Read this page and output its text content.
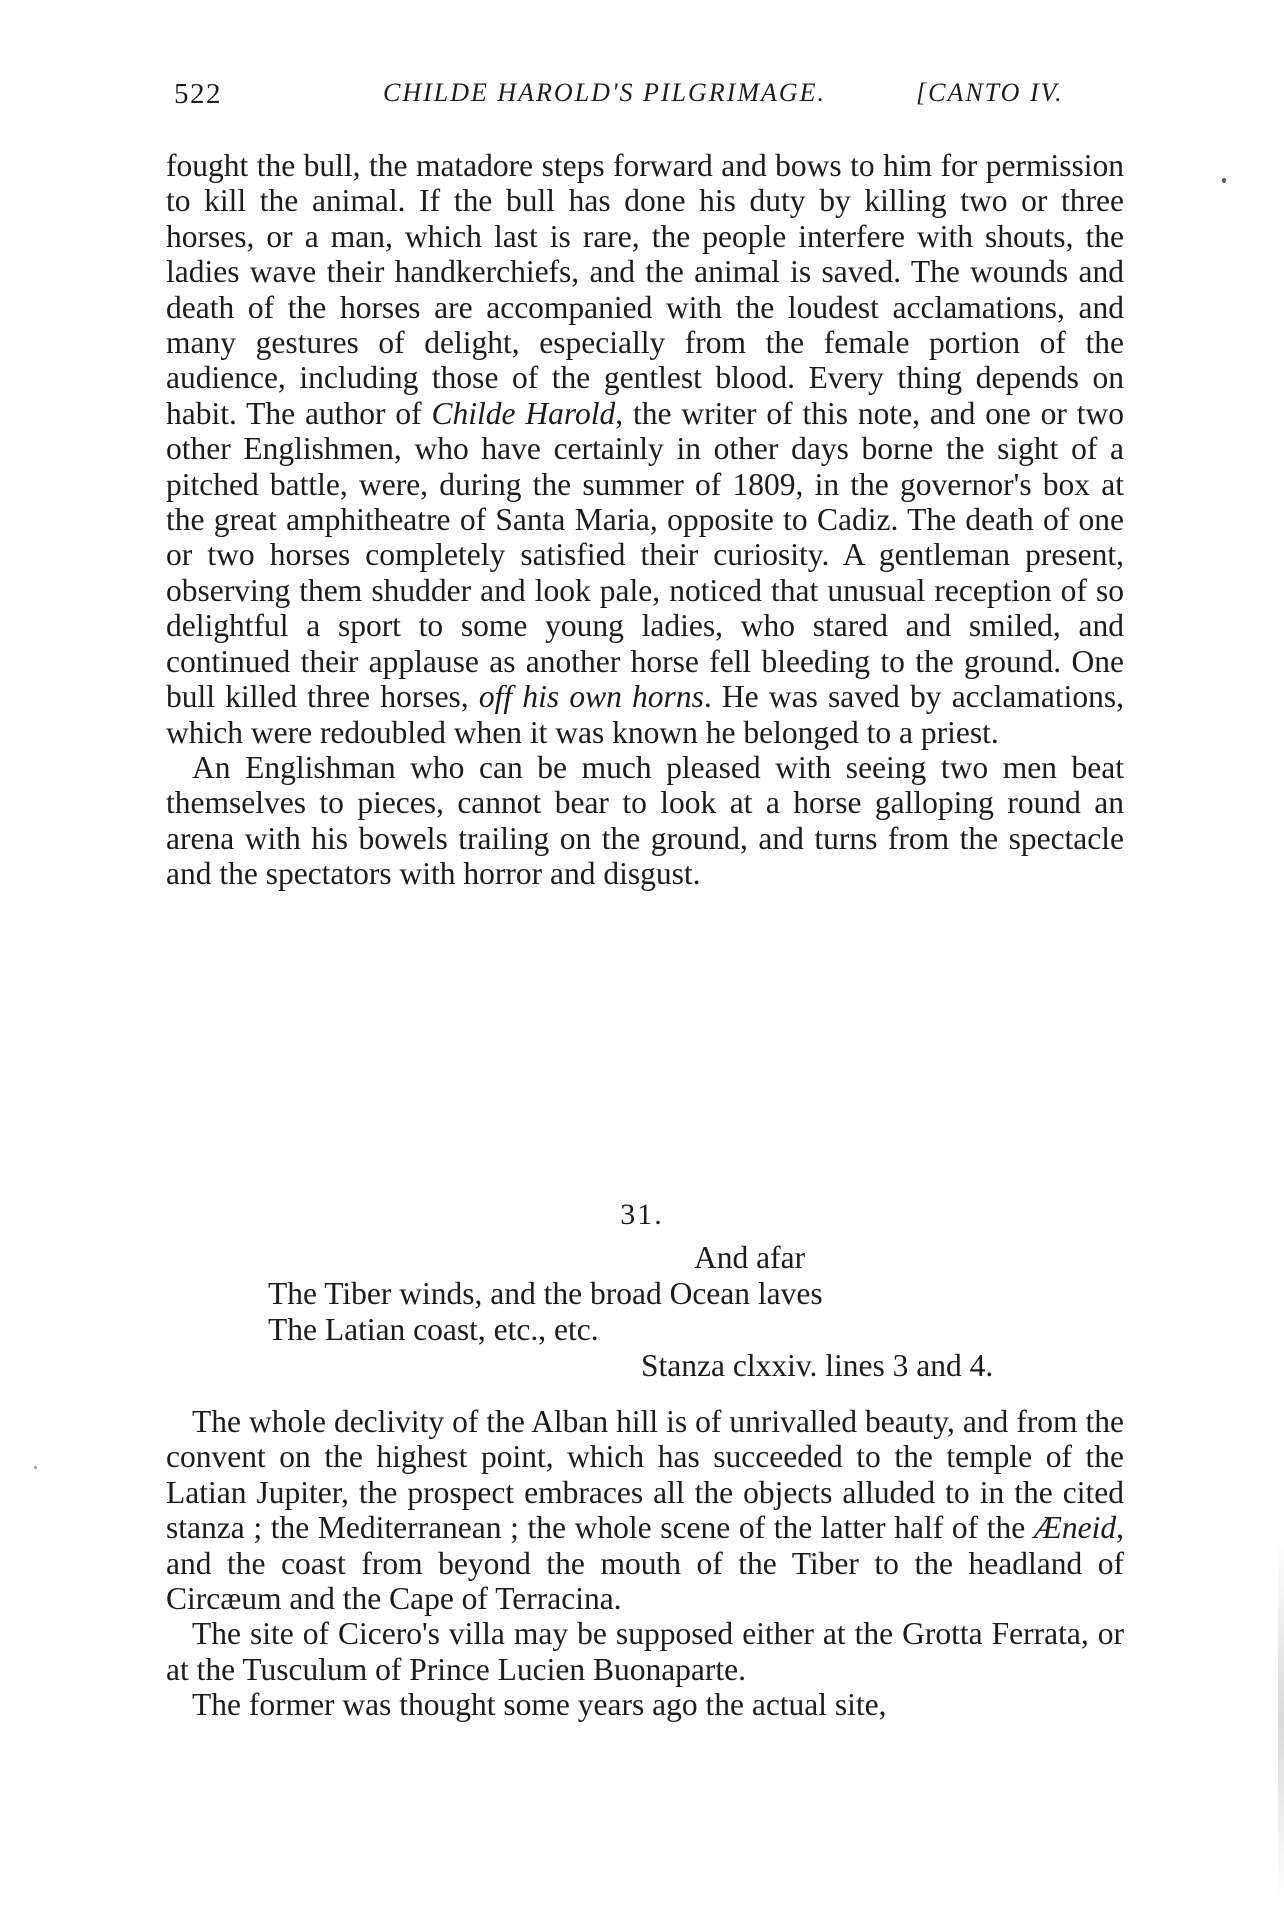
522	CHILDE HAROLD'S PILGRIMAGE.	[CANTO IV.

fought the bull, the matadore steps forward and bows to him for permission to kill the animal. If the bull has done his duty by killing two or three horses, or a man, which last is rare, the people interfere with shouts, the ladies wave their handkerchiefs, and the animal is saved. The wounds and death of the horses are accompanied with the loudest acclamations, and many gestures of delight, especially from the female portion of the audience, including those of the gentlest blood. Every thing depends on habit. The author of Childe Harold, the writer of this note, and one or two other Englishmen, who have certainly in other days borne the sight of a pitched battle, were, during the summer of 1809, in the governor's box at the great amphitheatre of Santa Maria, opposite to Cadiz. The death of one or two horses completely satisfied their curiosity. A gentleman present, observing them shudder and look pale, noticed that unusual reception of so delightful a sport to some young ladies, who stared and smiled, and continued their applause as another horse fell bleeding to the ground. One bull killed three horses, off his own horns. He was saved by acclamations, which were redoubled when it was known he belonged to a priest.

An Englishman who can be much pleased with seeing two men beat themselves to pieces, cannot bear to look at a horse galloping round an arena with his bowels trailing on the ground, and turns from the spectacle and the spectators with horror and disgust.

31.
And afar
The Tiber winds, and the broad Ocean laves
The Latian coast, etc., etc.
Stanza clxxiv. lines 3 and 4.

The whole declivity of the Alban hill is of unrivalled beauty, and from the convent on the highest point, which has succeeded to the temple of the Latian Jupiter, the prospect embraces all the objects alluded to in the cited stanza ; the Mediterranean ; the whole scene of the latter half of the Æneid, and the coast from beyond the mouth of the Tiber to the headland of Circæum and the Cape of Terracina.

The site of Cicero's villa may be supposed either at the Grotta Ferrata, or at the Tusculum of Prince Lucien Buonaparte.

The former was thought some years ago the actual site,
